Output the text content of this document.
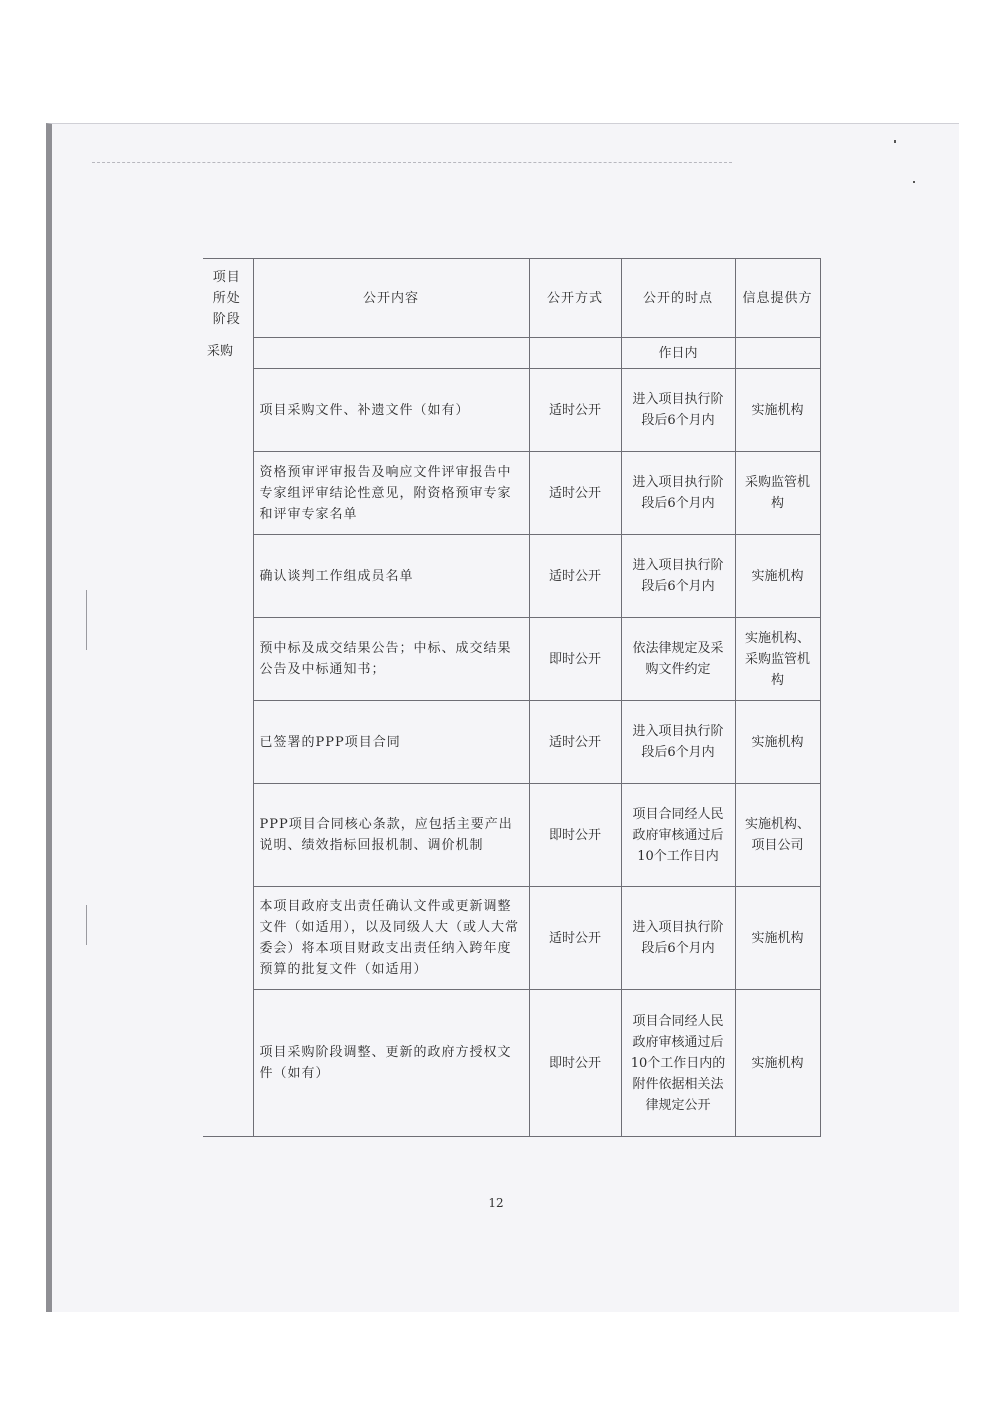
项目所处阶段	公开内容	公开方式	公开的时点	信息提供方
采购			作日内	
	项目采购文件、补遗文件（如有）	适时公开	进入项目执行阶段后6个月内	实施机构
	资格预审评审报告及响应文件评审报告中专家组评审结论性意见，附资格预审专家和评审专家名单	适时公开	进入项目执行阶段后6个月内	采购监管机构
	确认谈判工作组成员名单	适时公开	进入项目执行阶段后6个月内	实施机构
	预中标及成交结果公告；中标、成交结果公告及中标通知书；	即时公开	依法律规定及采购文件约定	实施机构、采购监管机构
	已签署的PPP项目合同	适时公开	进入项目执行阶段后6个月内	实施机构
	PPP项目合同核心条款，应包括主要产出说明、绩效指标回报机制、调价机制	即时公开	项目合同经人民政府审核通过后10个工作日内	实施机构、项目公司
	本项目政府支出责任确认文件或更新调整文件（如适用），以及同级人大（或人大常委会）将本项目财政支出责任纳入跨年度预算的批复文件（如适用）	适时公开	进入项目执行阶段后6个月内	实施机构
	项目采购阶段调整、更新的政府方授权文件（如有）	即时公开	项目合同经人民政府审核通过后10个工作日内的附件依据相关法律规定公开	实施机构
12
